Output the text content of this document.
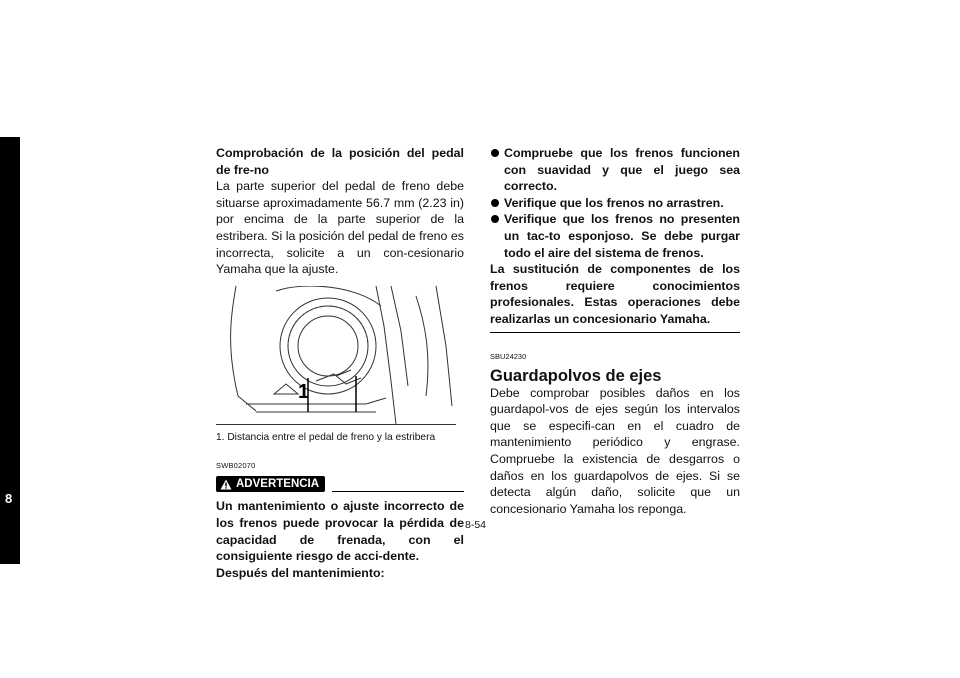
8

Comprobación de la posición del pedal de fre-no

La parte superior del pedal de freno debe situarse aproximadamente 56.7 mm (2.23 in) por encima de la parte superior de la estribera. Si la posición del pedal de freno es incorrecta, solicite a un con-cesionario Yamaha que la ajuste.

1
1. Distancia entre el pedal de freno y la estribera
SWB02070
ADVERTENCIA

Un mantenimiento o ajuste incorrecto de los frenos puede provocar la pérdida de capacidad de frenada, con el consiguiente riesgo de acci-dente.

Después del mantenimiento:

Compruebe que los frenos funcionen con suavidad y que el juego sea correcto.
Verifique que los frenos no arrastren.
Verifique que los frenos no presenten un tac-to esponjoso. Se debe purgar todo el aire del sistema de frenos.

La sustitución de componentes de los frenos requiere conocimientos profesionales. Estas operaciones debe realizarlas un concesionario Yamaha.

SBU24230
Guardapolvos de ejes

Debe comprobar posibles daños en los guardapol-vos de ejes según los intervalos que se especifi-can en el cuadro de mantenimiento periódico y engrase. Compruebe la existencia de desgarros o daños en los guardapolvos de ejes. Si se detecta algún daño, solicite que un concesionario Yamaha los reponga.

8-54
